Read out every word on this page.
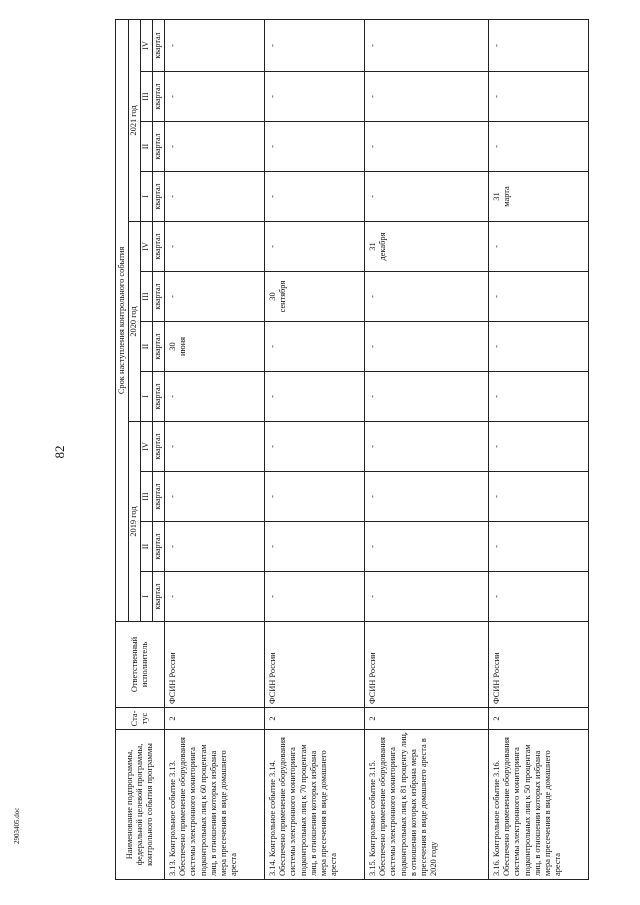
82
Наименование подпрограммы, федеральной целевой программы, контрольного события программы	Ста-тус	Ответственный исполнитель	Срок наступления контрольного события											
			2019 год				2020 год				2021 год			
			I	II	III	IV	I	II	III	IV	I	II	III	IV
			квартал	квартал	квартал	квартал	квартал	квартал	квартал	квартал	квартал	квартал	квартал	квартал
3.13. Контрольное событие 3.13. Обеспечено применение оборудования системы электронного мониторинга подконтрольных лиц к 60 процентам лиц, в отношении которых избрана мера пресечения в виде домашнего ареста	2	ФСИН России	-	-	-	-	-	30 июня	-	-	-	-	-	-
3.14. Контрольное событие 3.14. Обеспечено применение оборудования системы электронного мониторинга подконтрольных лиц к 70 процентам лиц, в отношении которых избрана мера пресечения в виде домашнего ареста	2	ФСИН России	-	-	-	-	-	-	30 сентября	-	-	-	-	-
3.15. Контрольное событие 3.15. Обеспечено применение оборудования системы электронного мониторинга подконтрольных лиц к 81 проценту лиц, в отношении которых избрана мера пресечения в виде домашнего ареста в 2020 году	2	ФСИН России	-	-	-	-	-	-	-	31 декабря	-	-	-	-
3.16. Контрольное событие 3.16. Обеспечено применение оборудования системы электронного мониторинга подконтрольных лиц к 50 процентам лиц, в отношении которых избрана мера пресечения в виде домашнего ареста	2	ФСИН России	-	-	-	-	-	-	-	-	31 марта	-	-	-
2903405.doc
